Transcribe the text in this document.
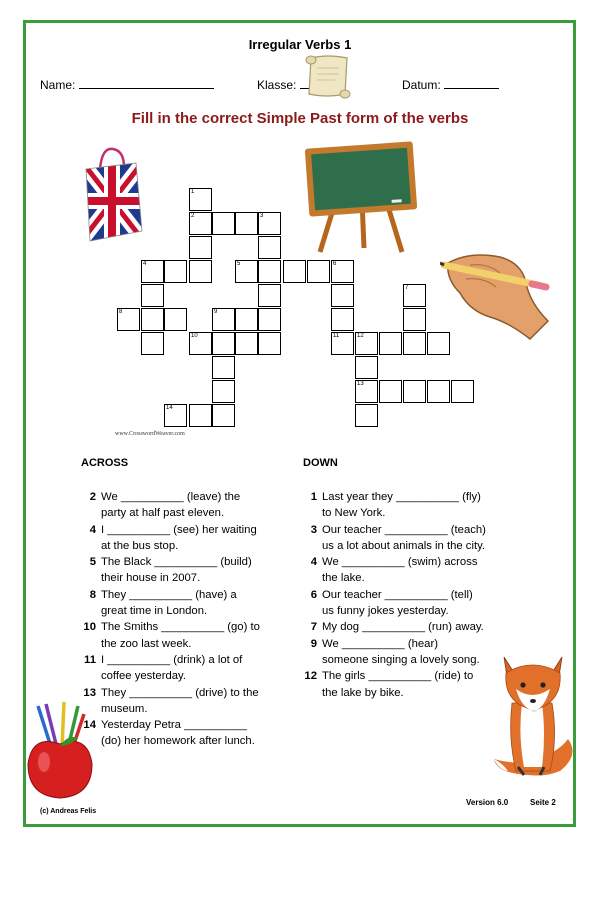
Irregular Verbs 1
Name:	Klasse:	Datum:
Fill in the correct Simple Past form of the verbs
1
2	3
4	5	6
7
8	9
10	11	12
13
14
www.CrosswordWeaver.com
ACROSS	DOWN
2 We __________ (leave) the
party at half past eleven.
4 I __________ (see) her waiting
at the bus stop.
5 The Black __________ (build)
their house in 2007.
8 They __________ (have) a
great time in London.
10 The Smiths __________ (go) to
the zoo last week.
11 I __________ (drink) a lot of
coffee yesterday.
13 They __________ (drive) to the
museum.
14 Yesterday Petra __________
(do) her homework after lunch.
1 Last year they __________ (fly)
to New York.
3 Our teacher __________ (teach)
us a lot about animals in the city.
4 We __________ (swim) across
the lake.
6 Our teacher __________ (tell)
us funny jokes yesterday.
7 My dog __________ (run) away.
9 We __________ (hear)
someone singing a lovely song.
12 The girls __________ (ride) to
the lake by bike.
(c) Andreas Felis
Version 6.0	Seite 2
